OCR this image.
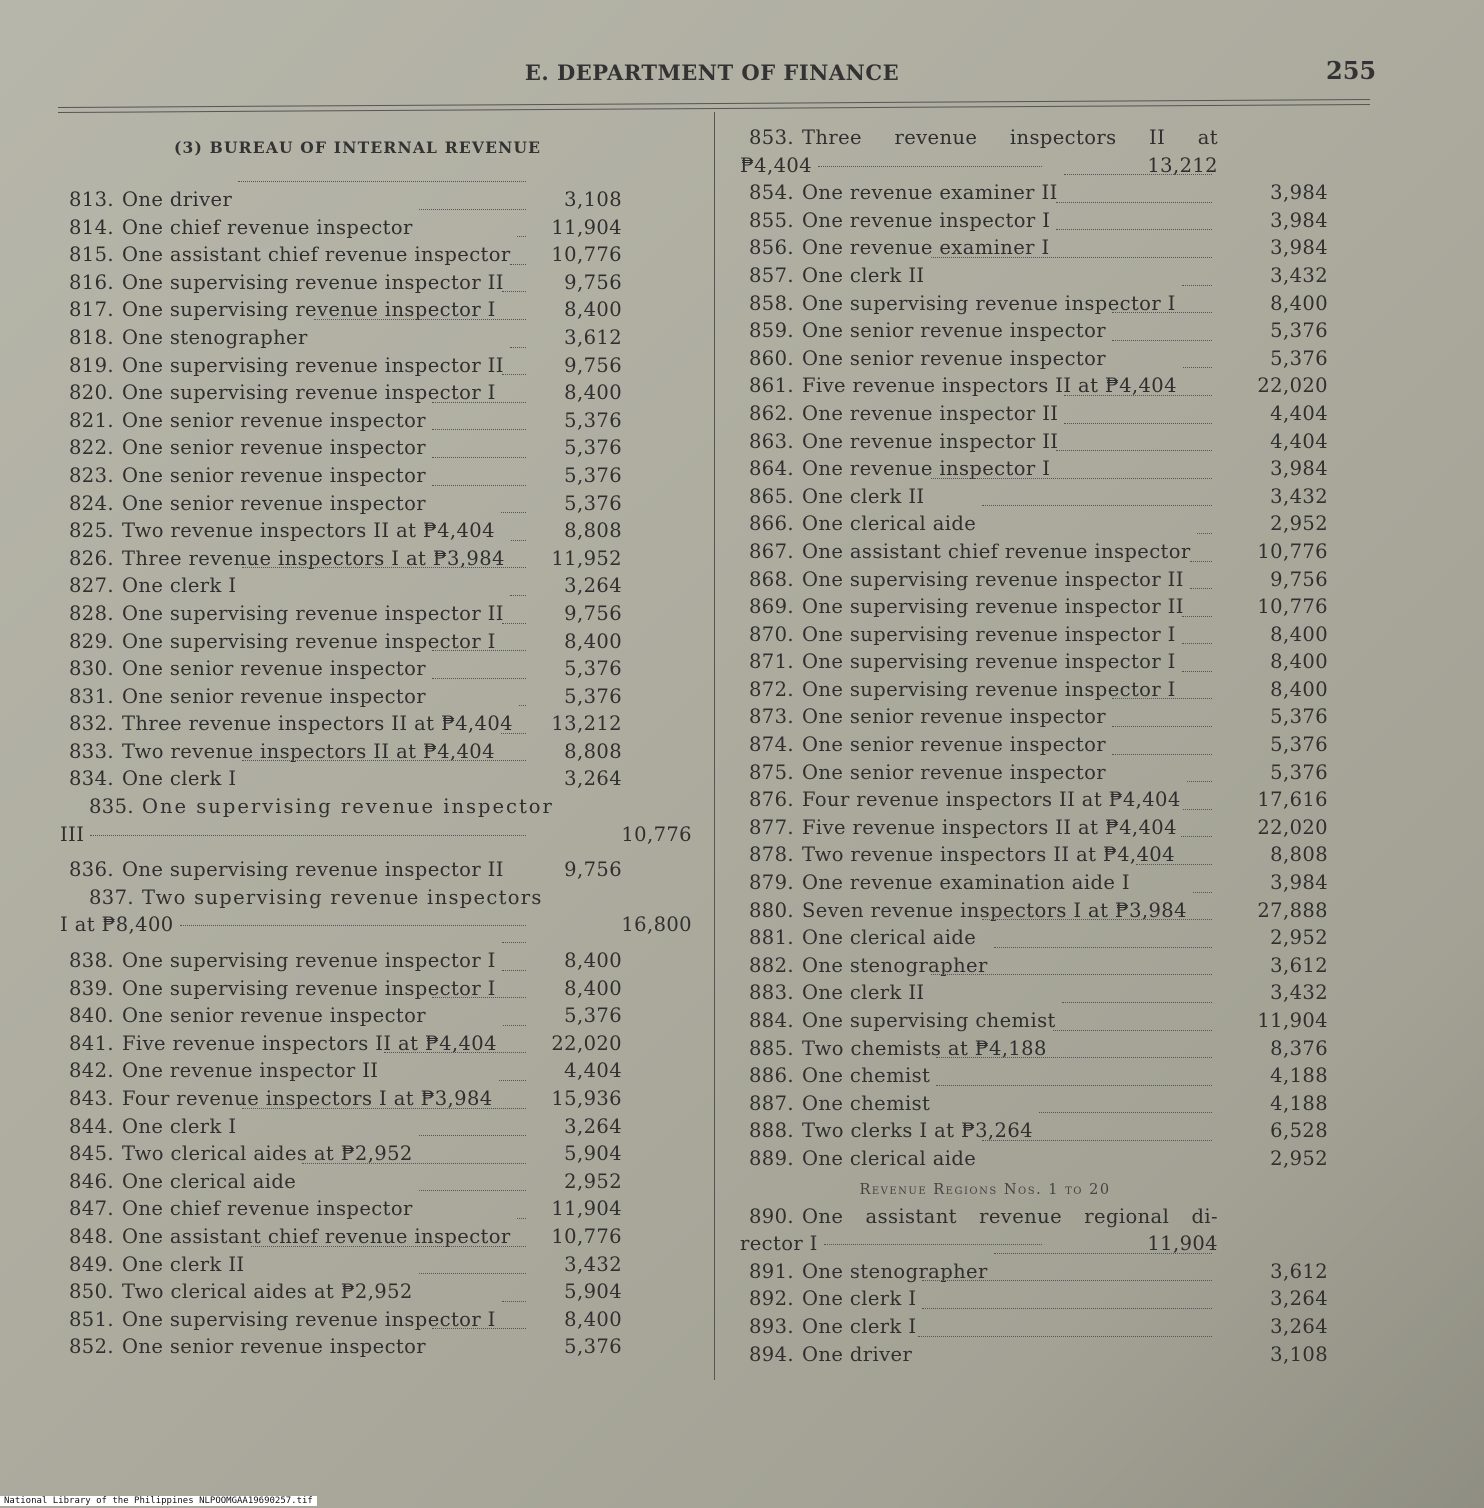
E. DEPARTMENT OF FINANCE	255
(3) BUREAU OF INTERNAL REVENUE
813. One driver	3,108
814. One chief revenue inspector	11,904
815. One assistant chief revenue inspector	10,776
816. One supervising revenue inspector II	9,756
817. One supervising revenue inspector I	8,400
818. One stenographer	3,612
819. One supervising revenue inspector II	9,756
820. One supervising revenue inspector I	8,400
821. One senior revenue inspector	5,376
822. One senior revenue inspector	5,376
823. One senior revenue inspector	5,376
824. One senior revenue inspector	5,376
825. Two revenue inspectors II at ₱4,404	8,808
826. Three revenue inspectors I at ₱3,984	11,952
827. One clerk I	3,264
828. One supervising revenue inspector II	9,756
829. One supervising revenue inspector I	8,400
830. One senior revenue inspector	5,376
831. One senior revenue inspector	5,376
832. Three revenue inspectors II at ₱4,404	13,212
833. Two revenue inspectors II at ₱4,404	8,808
834. One clerk I	3,264
835. One supervising revenue inspector
III	10,776
836. One supervising revenue inspector II	9,756
837. Two supervising revenue inspectors
I at ₱8,400	16,800
838. One supervising revenue inspector I	8,400
839. One supervising revenue inspector I	8,400
840. One senior revenue inspector	5,376
841. Five revenue inspectors II at ₱4,404	22,020
842. One revenue inspector II	4,404
843. Four revenue inspectors I at ₱3,984	15,936
844. One clerk I	3,264
845. Two clerical aides at ₱2,952	5,904
846. One clerical aide	2,952
847. One chief revenue inspector	11,904
848. One assistant chief revenue inspector	10,776
849. One clerk II	3,432
850. Two clerical aides at ₱2,952	5,904
851. One supervising revenue inspector I	8,400
852. One senior revenue inspector	5,376
853. Three revenue inspectors II at
₱4,404	13,212
854. One revenue examiner II	3,984
855. One revenue inspector I	3,984
856. One revenue examiner I	3,984
857. One clerk II	3,432
858. One supervising revenue inspector I	8,400
859. One senior revenue inspector	5,376
860. One senior revenue inspector	5,376
861. Five revenue inspectors II at ₱4,404	22,020
862. One revenue inspector II	4,404
863. One revenue inspector II	4,404
864. One revenue inspector I	3,984
865. One clerk II	3,432
866. One clerical aide	2,952
867. One assistant chief revenue inspector	10,776
868. One supervising revenue inspector II	9,756
869. One supervising revenue inspector II	10,776
870. One supervising revenue inspector I	8,400
871. One supervising revenue inspector I	8,400
872. One supervising revenue inspector I	8,400
873. One senior revenue inspector	5,376
874. One senior revenue inspector	5,376
875. One senior revenue inspector	5,376
876. Four revenue inspectors II at ₱4,404	17,616
877. Five revenue inspectors II at ₱4,404	22,020
878. Two revenue inspectors II at ₱4,404	8,808
879. One revenue examination aide I	3,984
880. Seven revenue inspectors I at ₱3,984	27,888
881. One clerical aide	2,952
882. One stenographer	3,612
883. One clerk II	3,432
884. One supervising chemist	11,904
885. Two chemists at ₱4,188	8,376
886. One chemist	4,188
887. One chemist	4,188
888. Two clerks I at ₱3,264	6,528
889. One clerical aide	2,952
Revenue Regions Nos. 1 to 20
890. One assistant revenue regional di-
rector I	11,904
891. One stenographer	3,612
892. One clerk I	3,264
893. One clerk I	3,264
894. One driver	3,108
National Library of the Philippines NLPOOMGAA19690257.tif
